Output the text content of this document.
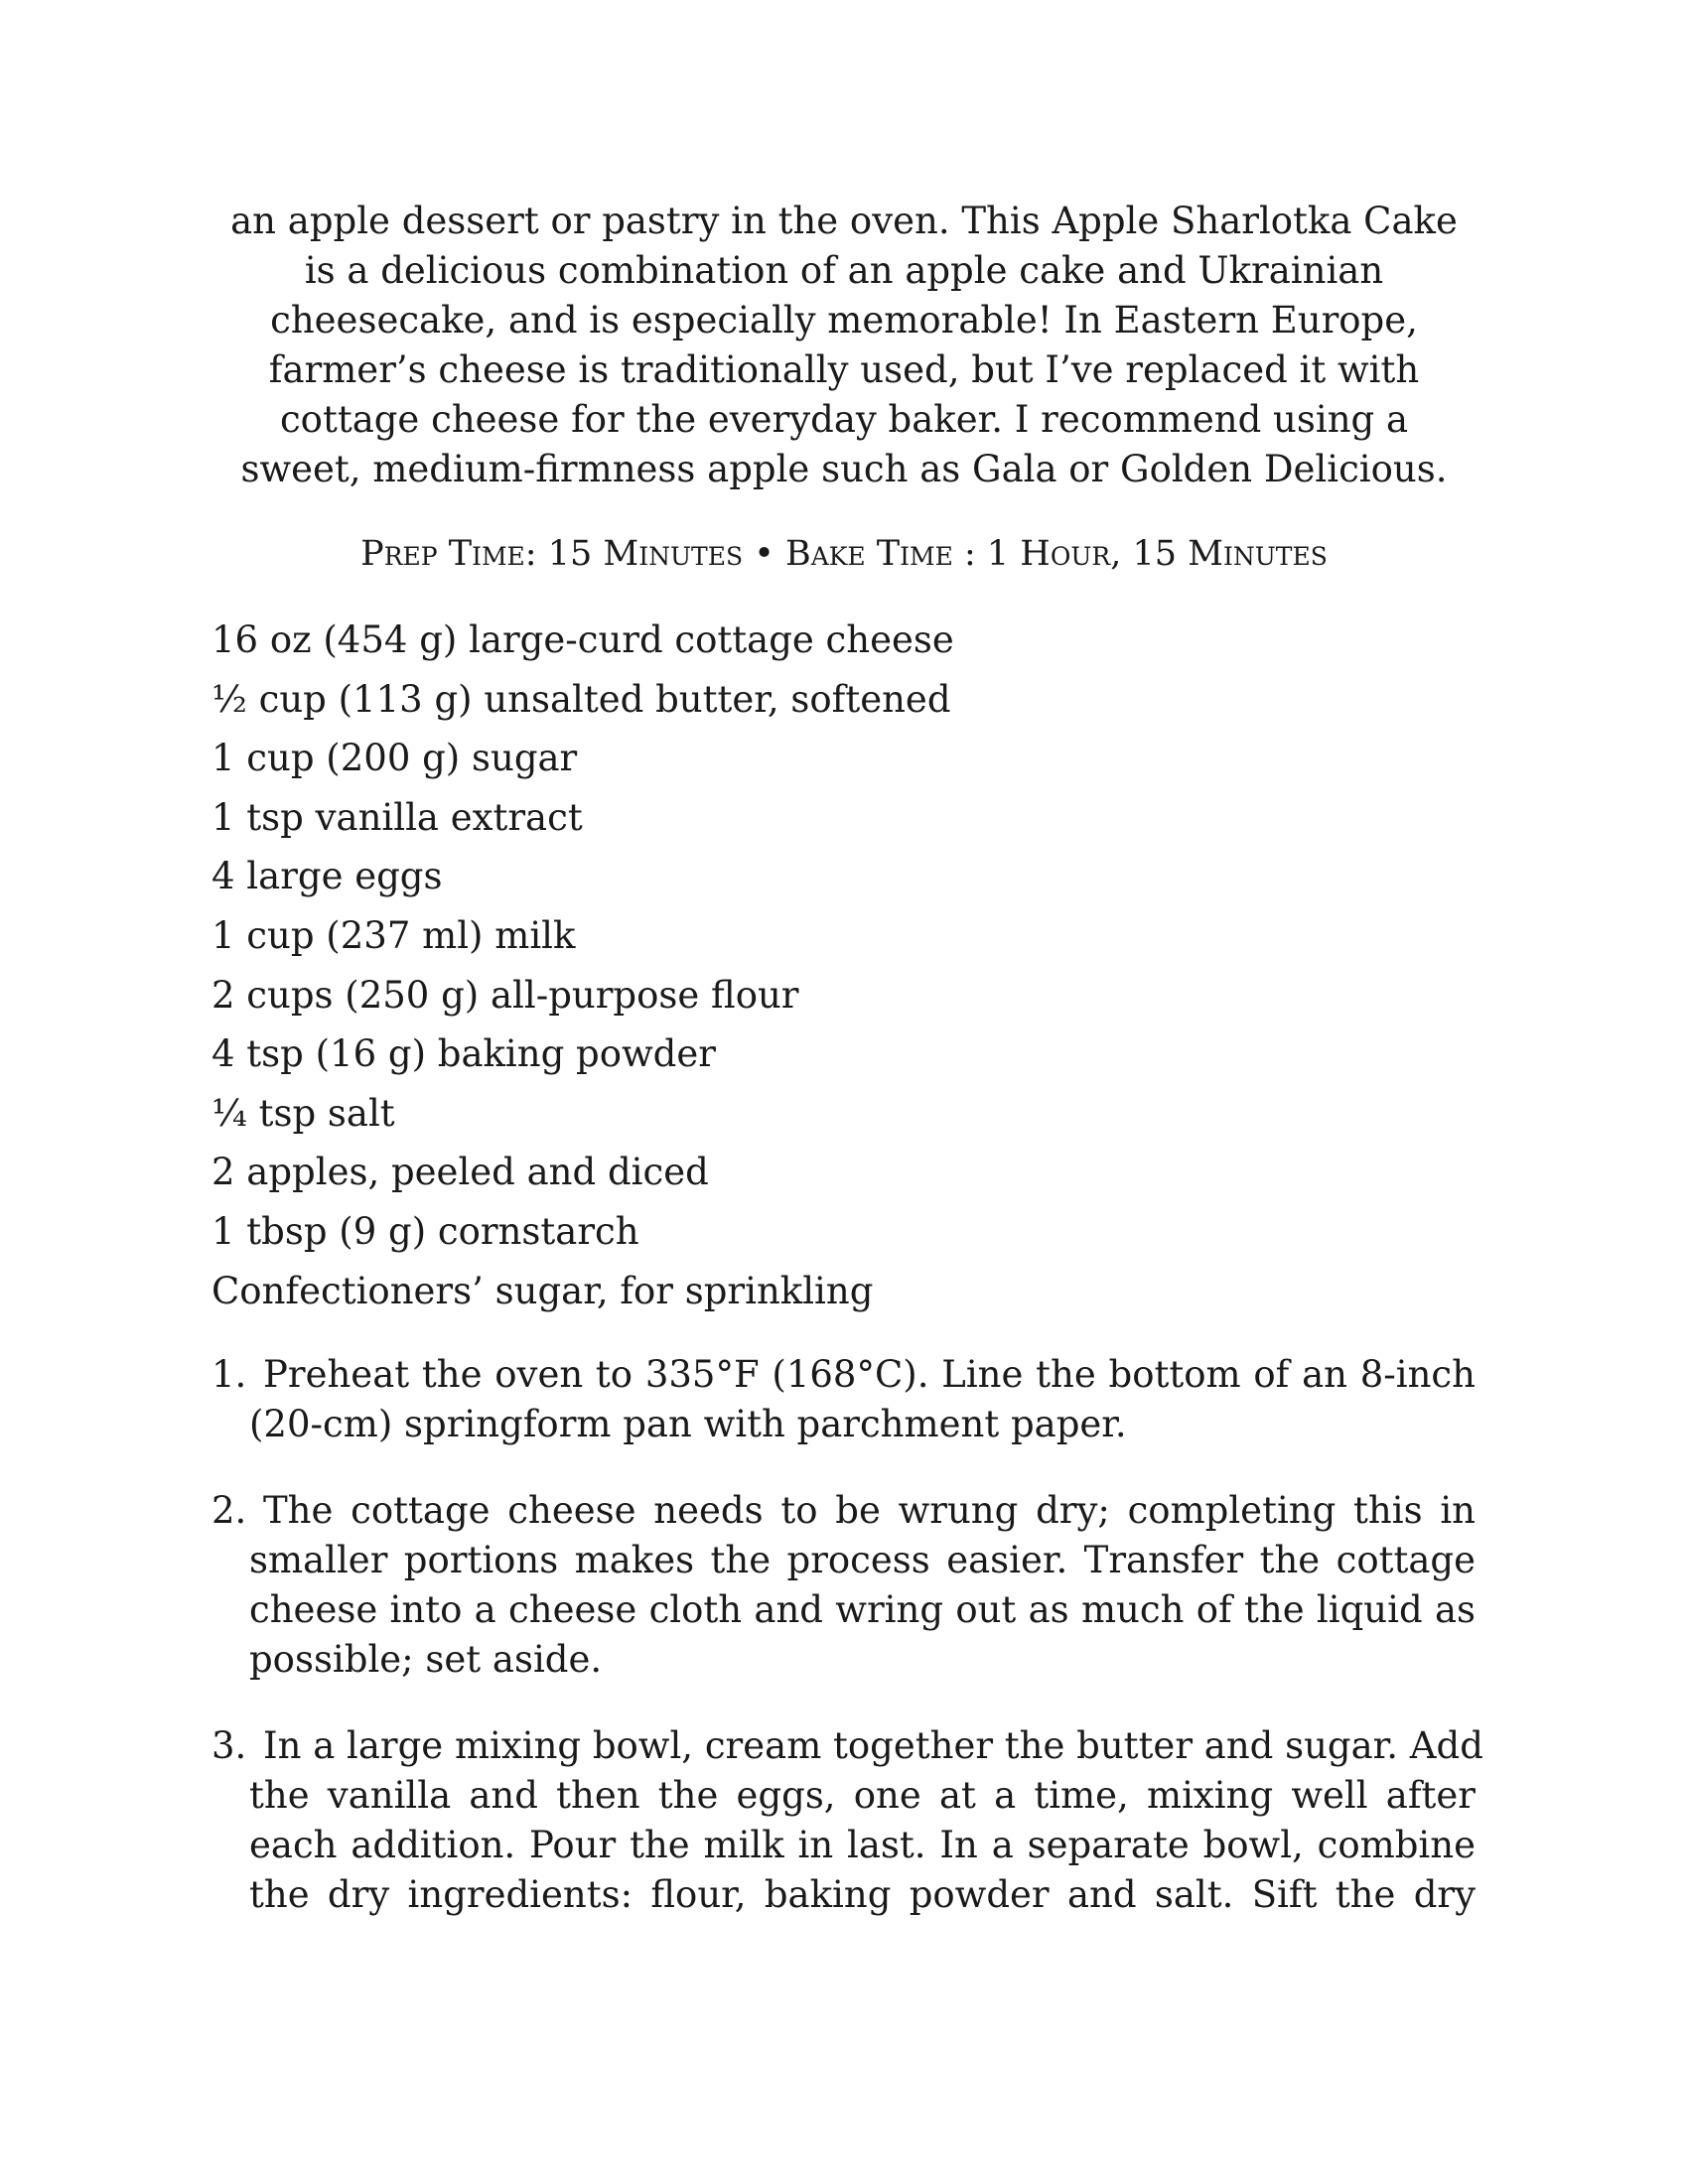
an apple dessert or pastry in the oven. This Apple Sharlotka Cake
is a delicious combination of an apple cake and Ukrainian
cheesecake, and is especially memorable! In Eastern Europe,
farmer’s cheese is traditionally used, but I’ve replaced it with
cottage cheese for the everyday baker. I recommend using a
sweet, medium-firmness apple such as Gala or Golden Delicious.

Prep Time: 15 Minutes • Bake Time : 1 Hour, 15 Minutes

16 oz (454 g) large-curd cottage cheese
½ cup (113 g) unsalted butter, softened
1 cup (200 g) sugar
1 tsp vanilla extract
4 large eggs
1 cup (237 ml) milk
2 cups (250 g) all-purpose flour
4 tsp (16 g) baking powder
¼ tsp salt
2 apples, peeled and diced
1 tbsp (9 g) cornstarch
Confectioners’ sugar, for sprinkling
1. Preheat the oven to 335°F (168°C). Line the bottom of an 8-inch
(20-cm) springform pan with parchment paper.
2. The cottage cheese needs to be wrung dry; completing this in
smaller portions makes the process easier. Transfer the cottage
cheese into a cheese cloth and wring out as much of the liquid as
possible; set aside.
3. In a large mixing bowl, cream together the butter and sugar. Add
the vanilla and then the eggs, one at a time, mixing well after
each addition. Pour the milk in last. In a separate bowl, combine
the dry ingredients: flour, baking powder and salt. Sift the dry
